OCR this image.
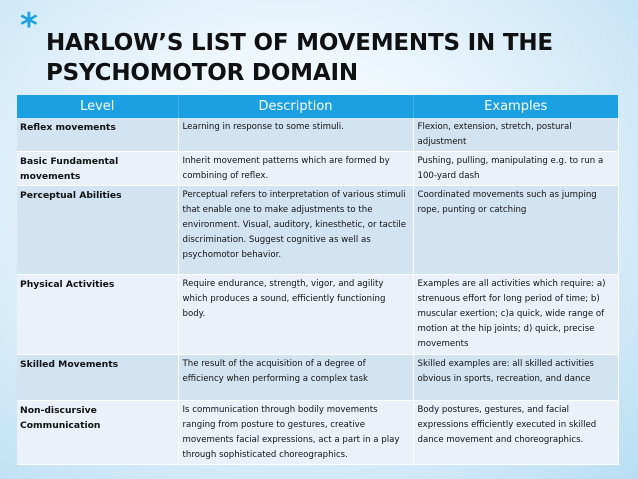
* HARLOW’S LIST OF MOVEMENTS IN THE PSYCHOMOTOR DOMAIN
Level	Description	Examples
Reflex movements	Learning in response to some stimuli.	Flexion, extension, stretch, postural adjustment
Basic Fundamental movements	Inherit movement patterns which are formed by combining of reflex.	Pushing, pulling, manipulating e.g. to run a 100-yard dash
Perceptual Abilities	Perceptual refers to interpretation of various stimuli that enable one to make adjustments to the environment. Visual, auditory, kinesthetic, or tactile discrimination. Suggest cognitive as well as psychomotor behavior.	Coordinated movements such as jumping rope, punting or catching
Physical Activities	Require endurance, strength, vigor, and agility which produces a sound, efficiently functioning body.	Examples are all activities which require: a) strenuous effort for long period of time; b) muscular exertion; c)a quick, wide range of motion at the hip joints; d) quick, precise movements
Skilled Movements	The result of the acquisition of a degree of efficiency when performing a complex task	Skilled examples are: all skilled activities obvious in sports, recreation, and dance
Non-discursive Communication	Is communication through bodily movements ranging from posture to gestures, creative movements facial expressions, act a part in a play through sophisticated choreographics.	Body postures, gestures, and facial expressions efficiently executed in skilled dance movement and choreographics.
